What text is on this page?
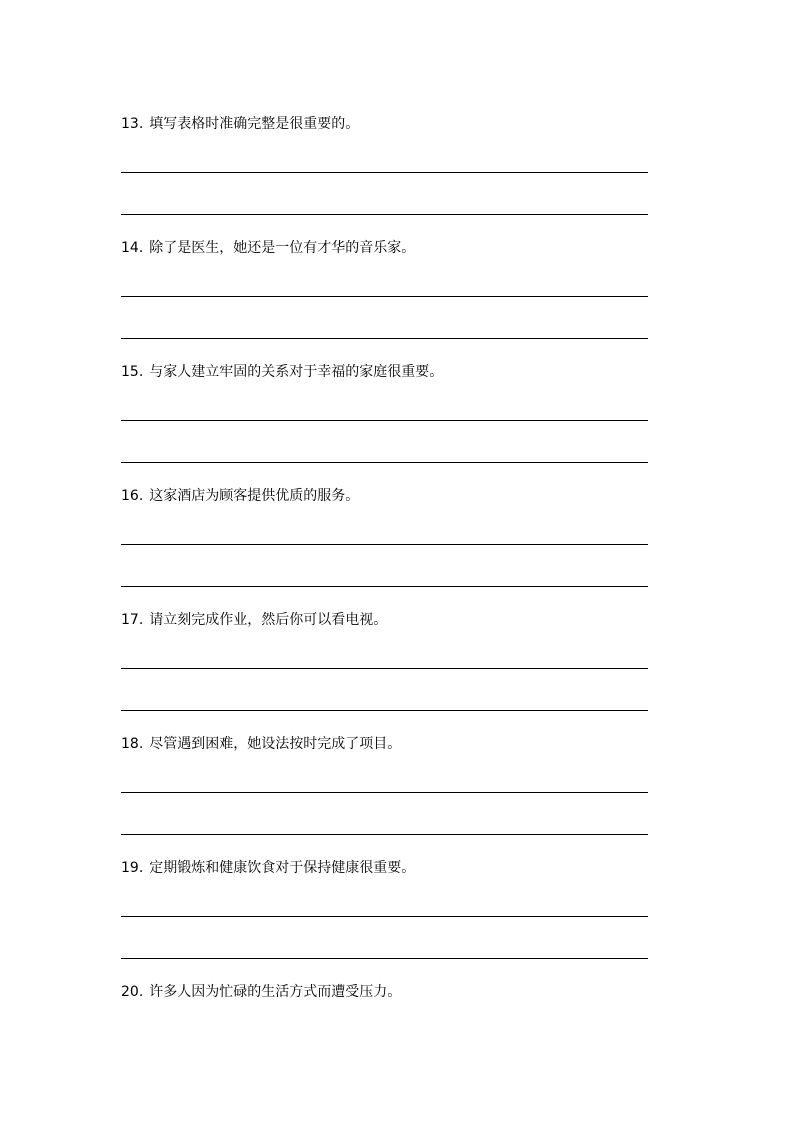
13. 填写表格时准确完整是很重要的。
14. 除了是医生，她还是一位有才华的音乐家。
15. 与家人建立牢固的关系对于幸福的家庭很重要。
16. 这家酒店为顾客提供优质的服务。
17. 请立刻完成作业，然后你可以看电视。
18. 尽管遇到困难，她设法按时完成了项目。
19. 定期锻炼和健康饮食对于保持健康很重要。
20. 许多人因为忙碌的生活方式而遭受压力。
